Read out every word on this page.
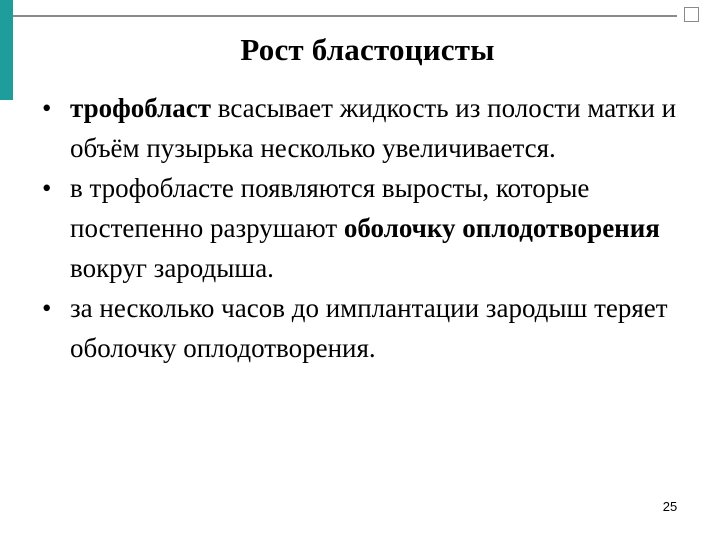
Рост бластоцисты
• трофобласт всасывает жидкость из полости матки и объём пузырька несколько увеличивается.
• в трофобласте появляются выросты, которые постепенно разрушают оболочку оплодотворения вокруг зародыша.
• за несколько часов до имплантации зародыш теряет оболочку оплодотворения.
25
